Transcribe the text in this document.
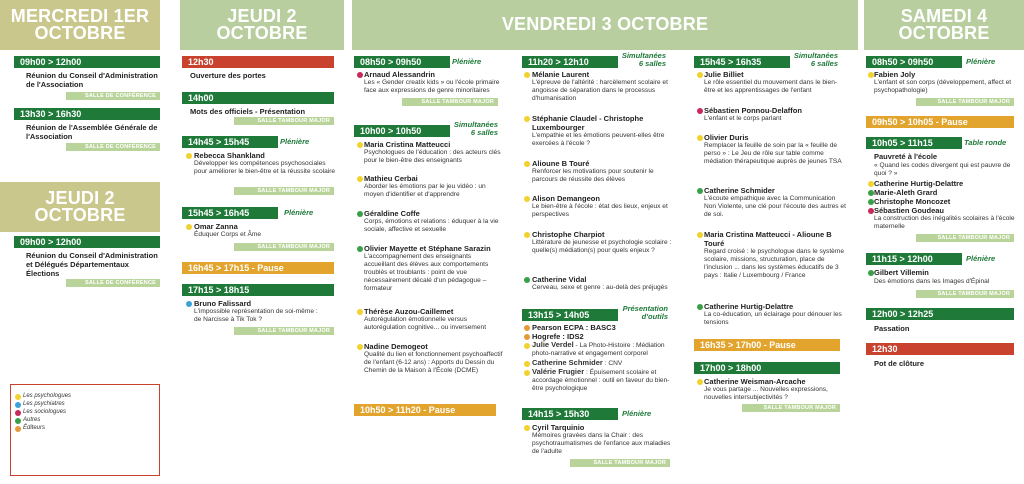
MERCREDI 1ER OCTOBRE
09h00 > 12h00
Réunion du Conseil d'Administration de l'Association
SALLE DE CONFÉRENCE
13h30 > 16h30
Réunion de l'Assemblée Générale de l'Association
SALLE DE CONFÉRENCE
JEUDI 2 OCTOBRE
09h00 > 12h00
Réunion du Conseil d'Administration et Délégués Départementaux Élections
SALLE DE CONFÉRENCE
Les psychologues
Les psychiatres
Les sociologues
Autres
Éditeurs
JEUDI 2 OCTOBRE
12h30
Ouverture des portes
14h00
Mots des officiels - Présentation
SALLE TAMBOUR MAJOR
14h45 > 15h45	Plénière
Rebecca Shankland
Développer les compétences psychosociales pour améliorer le bien-être et la réussite scolaire
SALLE TAMBOUR MAJOR
15h45 > 16h45	Plénière
Omar Zanna
Éduquer Corps et Âme
SALLE TAMBOUR MAJOR
16h45 > 17h15 - Pause
17h15 > 18h15
Bruno Falissard
L'impossible représentation de soi-même : de Narcisse à Tik Tok ?
SALLE TAMBOUR MAJOR
VENDREDI 3 OCTOBRE
08h50 > 09h50	Plénière
Arnaud Alessandrin
Les « Gender creatix kids » ou l'école primaire face aux expressions de genre minoritaires
SALLE TAMBOUR MAJOR
10h00 > 10h50
Simultanées 6 salles
Maria Cristina Matteucci
Psychologues de l'éducation : des acteurs clés pour le bien-être des enseignants
Mathieu Cerbai
Aborder les émotions par le jeu vidéo : un moyen d'identifier et d'apprendre
Géraldine Coffe
Corps, émotions et relations : éduquer à la vie sociale, affective et sexuelle
Olivier Mayette et Stéphane Sarazin
L'accompagnement des enseignants accueillant des élèves aux comportements troublés et troublants : point de vue nécessairement décalé d'un pédagogue – formateur
Thérèse Auzou-Caillemet
Autorégulation émotionnelle versus autorégulation cognitive... ou inversement
Nadine Demogeot
Qualité du lien et fonctionnement psychoaffectif de l'enfant (6-12 ans) : Apports du Dessin du Chemin de la Maison à l'École (DCME)
10h50 > 11h20 - Pause
11h20 > 12h10
Simultanées 6 salles
Mélanie Laurent
L'épreuve de l'altérité : harcèlement scolaire et angoisse de séparation dans le processus d'humanisation
Stéphanie Claudel - Christophe Luxembourger
L'empathie et les émotions peuvent-elles être exercées à l'école ?
Alioune B Touré
Renforcer les motivations pour soutenir le parcours de réussite des élèves
Alison Demangeon
Le bien-être à l'école : état des lieux, enjeux et perspectives
Christophe Charpiot
Littérature de jeunesse et psychologie scolaire : quelle(s) médiation(s) pour quels enjeux ?
Catherine Vidal
Cerveau, sexe et genre : au-delà des préjugés
13h15 > 14h05
Présentation d'outils
Pearson ECPA : BASC3
Hogrefe : IDS2
Julie Verdel - La Photo-Histoire : Médiation photo-narrative et engagement corporel
Catherine Schmider : CNV
Valérie Frugier : Épuisement scolaire et accordage émotionnel : outil en faveur du bien-être psychologique
14h15 > 15h30	Plénière
Cyril Tarquinio
Mémoires gravées dans la Chair : des psychotraumatismes de l'enfance aux maladies de l'adulte
SALLE TAMBOUR MAJOR
15h45 > 16h35
Simultanées 6 salles
Julie Billiet
Le rôle essentiel du mouvement dans le bien-être et les apprentissages de l'enfant
Sébastien Ponnou-Delaffon
L'enfant et le corps parlant
Olivier Duris
Remplacer la feuille de soin par la « feuille de perso » : Le Jeu de rôle sur table comme médiation thérapeutique auprès de jeunes TSA
Catherine Schmider
L'écoute empathique avec la Communication Non Violente, une clé pour l'écoute des autres et de soi.
Maria Cristina Matteucci - Alioune B Touré
Regard croisé : le psychologue dans le système scolaire, missions, structuration, place de l'inclusion ... dans les systèmes éducatifs de 3 pays : Italie / Luxembourg / France
Catherine Hurtig-Delattre
La co-éducation, un éclairage pour dénouer les tensions
16h35 > 17h00 - Pause
17h00 > 18h00
Catherine Weisman-Arcache
Je vous partage ... Nouvelles expressions, nouvelles intersubjectivités ?
SALLE TAMBOUR MAJOR
SAMEDI 4 OCTOBRE
08h50 > 09h50	Plénière
Fabien Joly
L'enfant et son corps (développement, affect et psychopathologie)
SALLE TAMBOUR MAJOR
09h50 > 10h05 - Pause
10h05 > 11h15	Table ronde
Pauvreté à l'école
« Quand les codes divergent qui est pauvre de quoi ? »
Catherine Hurtig-Delattre
Marie-Aleth Grard
Christophe Moncozet
Sébastien Goudeau
La construction des inégalités scolaires à l'école maternelle
SALLE TAMBOUR MAJOR
11h15 > 12h00	Plénière
Gilbert Villemin
Des émotions dans les Images d'Épinal
SALLE TAMBOUR MAJOR
12h00 > 12h25
Passation
12h30
Pot de clôture
